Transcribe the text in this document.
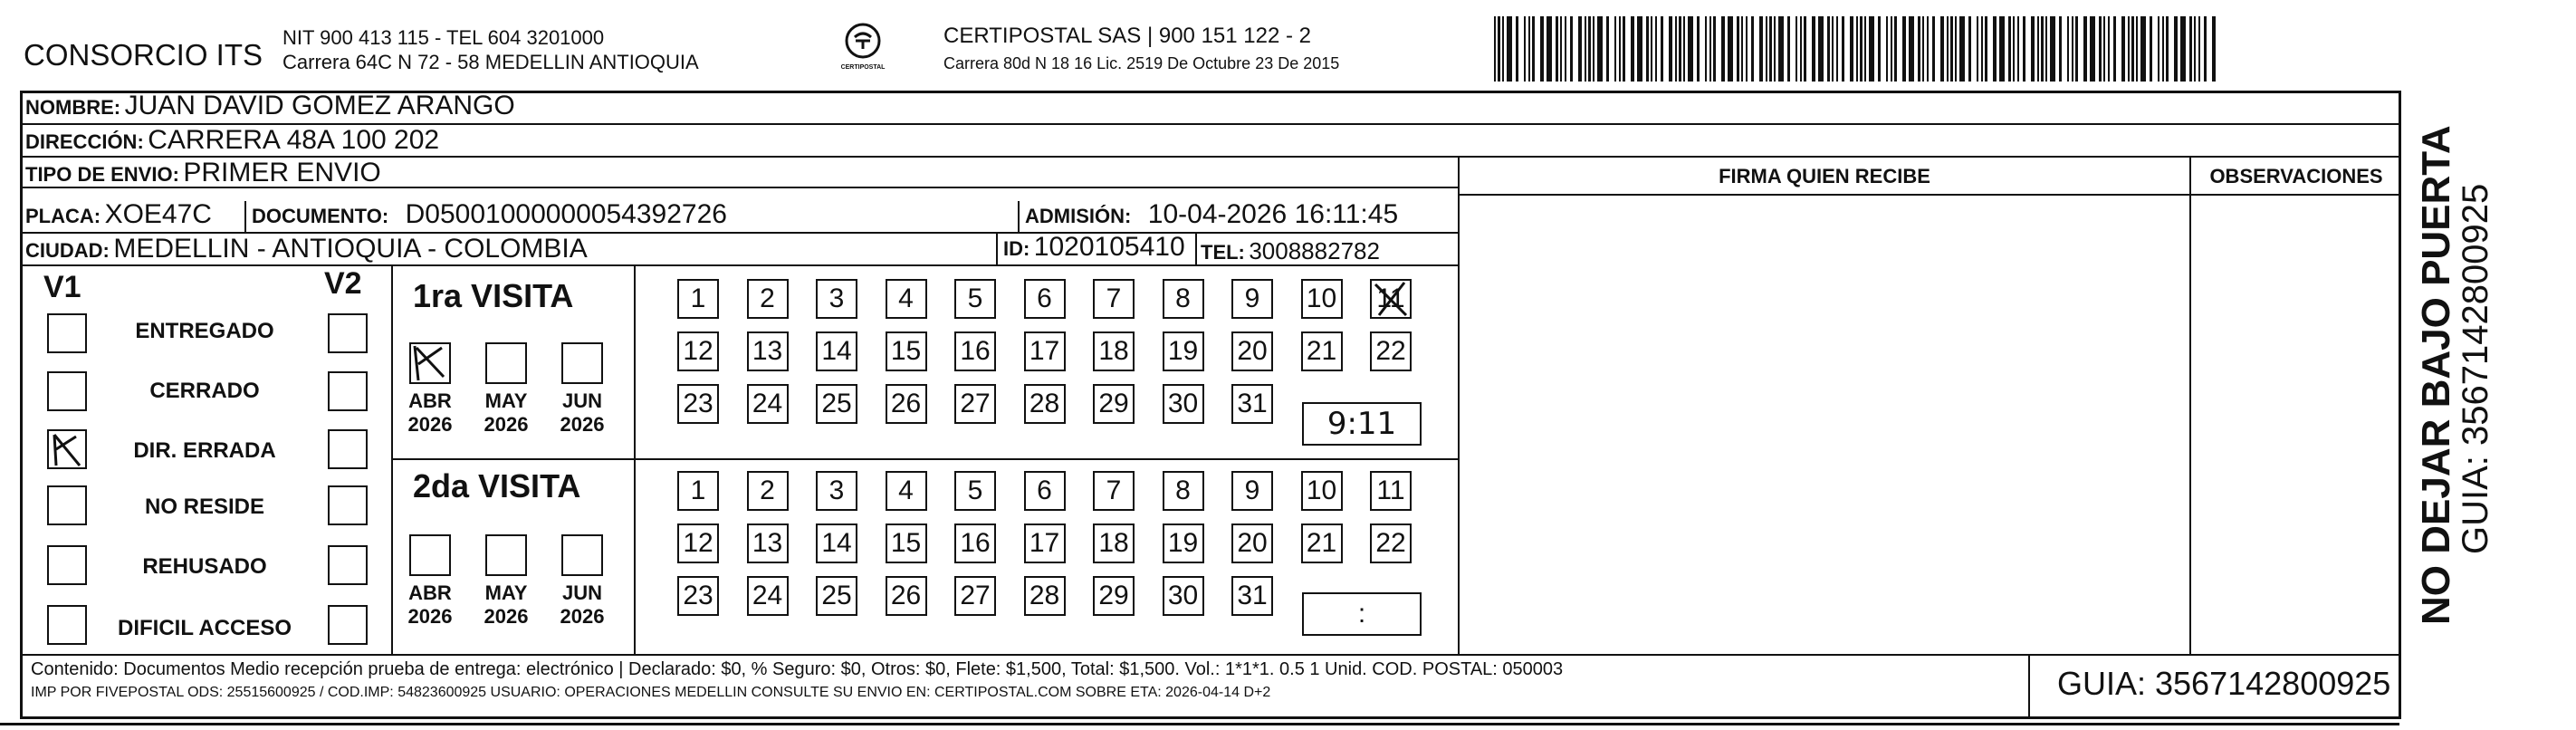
CONSORCIO ITS
NIT 900 413 115 - TEL 604 3201000
Carrera 64C N 72 - 58 MEDELLIN ANTIOQUIA	CERTIPOSTAL
CERTIPOSTAL SAS | 900 151 122 - 2
Carrera 80d N 18 16 Lic. 2519 De Octubre 23 De 2015
NOMBRE: JUAN DAVID GOMEZ ARANGO
DIRECCIÓN: CARRERA 48A 100 202
TIPO DE ENVIO: PRIMER ENVIO	FIRMA QUIEN RECIBE	OBSERVACIONES
PLACA: XOE47C DOCUMENTO: D05001000000054392726	ADMISIÓN: 10-04-2026 16:11:45
CIUDAD: MEDELLIN - ANTIOQUIA - COLOMBIA	ID: 1020105410 TEL: 3008882782
V1	V2
ENTREGADO
CERRADO
DIR. ERRADA
NO RESIDE
REHUSADO
DIFICIL ACCESO
1ra VISITA
ABR
2026
MAY
2026
JUN
2026
1	2	3	4	5	6	7	8	9	10 11
12 13 14 15 16 17 18 19 20 21 22
23 24 25 26 27 28 29 30 31
9:11
2da VISITA
ABR
2026
MAY
2026
JUN
2026
1	2	3	4	5	6	7	8	9	10 11
12 13 14 15 16 17 18 19 20 21 22
23 24 25 26 27 28 29 30 31
:
Contenido: Documentos Medio recepción prueba de entrega: electrónico | Declarado: $0, % Seguro: $0, Otros: $0, Flete: $1,500, Total: $1,500. Vol.: 1*1*1. 0.5 1 Unid. COD. POSTAL: 050003
IMP POR FIVEPOSTAL ODS: 25515600925 / COD.IMP: 54823600925 USUARIO: OPERACIONES MEDELLIN CONSULTE SU ENVIO EN: CERTIPOSTAL.COM SOBRE ETA: 2026-04-14 D+2	GUIA: 3567142800925
NO DEJAR BAJO PUERTA
GUIA: 3567142800925
